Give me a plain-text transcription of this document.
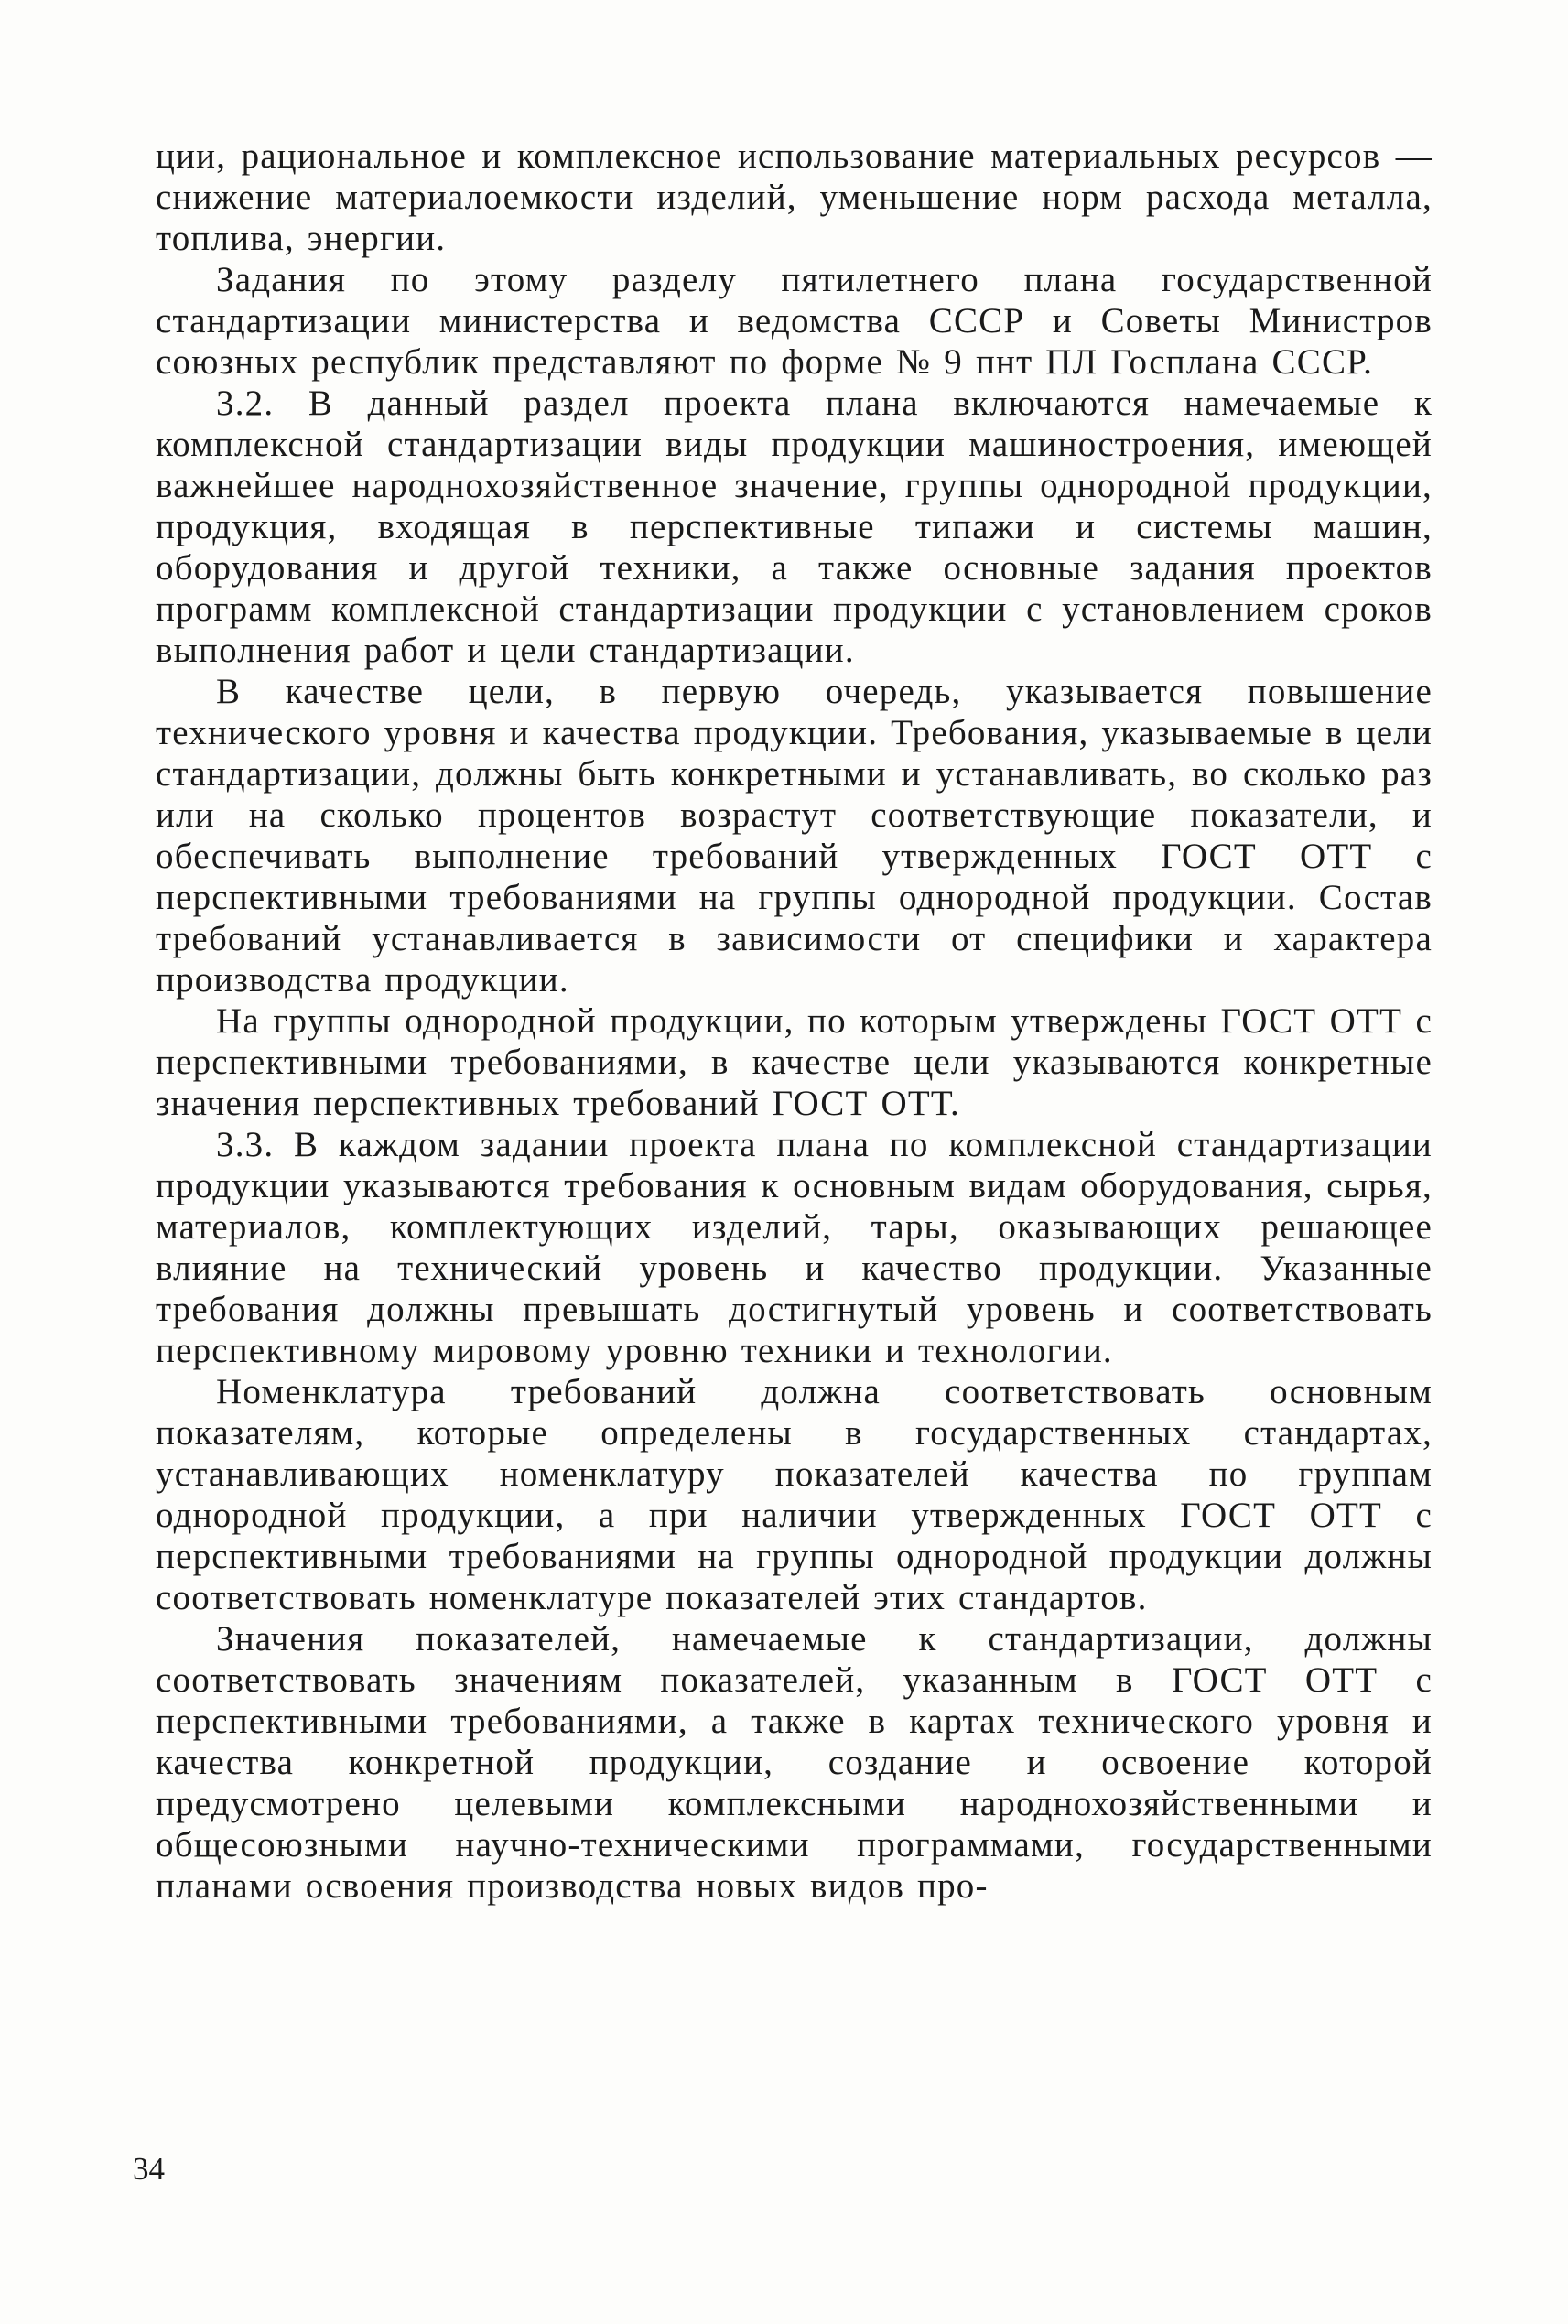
ции, рациональное и комплексное использование материальных ресурсов — снижение материалоемкости изделий, уменьшение норм расхода металла, топлива, энергии.

Задания по этому разделу пятилетнего плана государственной стандартизации министерства и ведомства СССР и Советы Министров союзных республик представляют по форме № 9 пнт ПЛ Госплана СССР.

3.2. В данный раздел проекта плана включаются намечаемые к комплексной стандартизации виды продукции машиностроения, имеющей важнейшее народнохозяйственное значение, группы однородной продукции, продукция, входящая в перспективные типажи и системы машин, оборудования и другой техники, а также основные задания проектов программ комплексной стандартизации продукции с установлением сроков выполнения работ и цели стандартизации.

В качестве цели, в первую очередь, указывается повышение технического уровня и качества продукции. Требования, указываемые в цели стандартизации, должны быть конкретными и устанавливать, во сколько раз или на сколько процентов возрастут соответствующие показатели, и обеспечивать выполнение требований утвержденных ГОСТ ОТТ с перспективными требованиями на группы однородной продукции. Состав требований устанавливается в зависимости от специфики и характера производства продукции.

На группы однородной продукции, по которым утверждены ГОСТ ОТТ с перспективными требованиями, в качестве цели указываются конкретные значения перспективных требований ГОСТ ОТТ.

3.3. В каждом задании проекта плана по комплексной стандартизации продукции указываются требования к основным видам оборудования, сырья, материалов, комплектующих изделий, тары, оказывающих решающее влияние на технический уровень и качество продукции. Указанные требования должны превышать достигнутый уровень и соответствовать перспективному мировому уровню техники и технологии.

Номенклатура требований должна соответствовать основным показателям, которые определены в государственных стандартах, устанавливающих номенклатуру показателей качества по группам однородной продукции, а при наличии утвержденных ГОСТ ОТТ с перспективными требованиями на группы однородной продукции должны соответствовать номенклатуре показателей этих стандартов.

Значения показателей, намечаемые к стандартизации, должны соответствовать значениям показателей, указанным в ГОСТ ОТТ с перспективными требованиями, а также в картах технического уровня и качества конкретной продукции, создание и освоение которой предусмотрено целевыми комплексными народнохозяйственными и общесоюзными научно-техническими программами, государственными планами освоения производства новых видов про-

34
